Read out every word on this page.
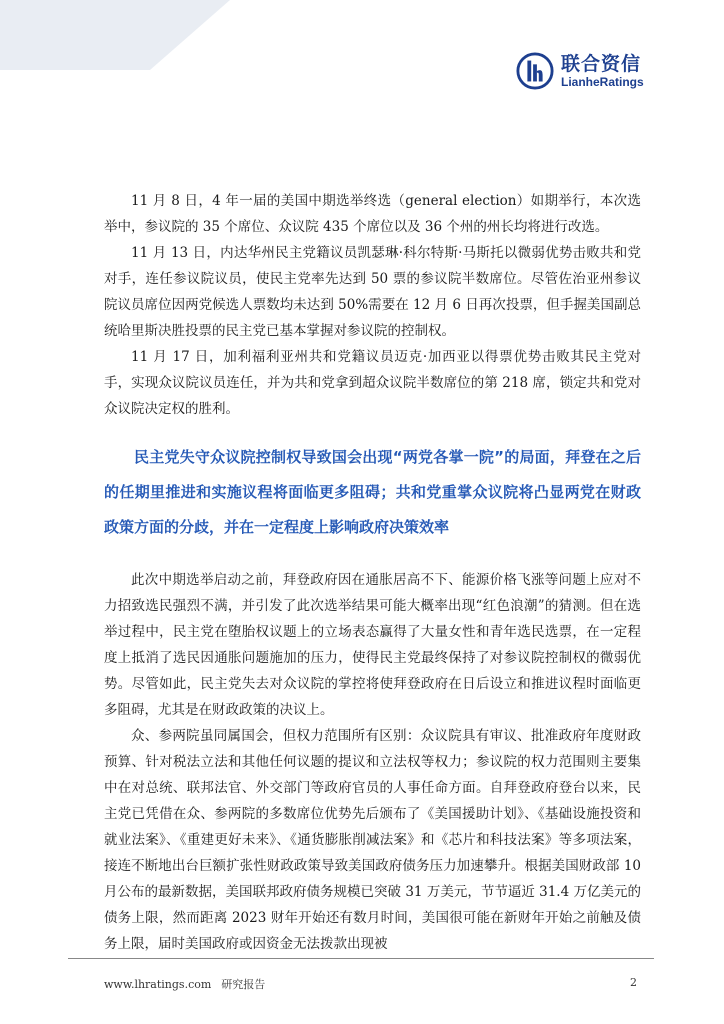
联合资信
LianheRatings

11 月 8 日，4 年一届的美国中期选举终选（general election）如期举行，本次选举中，参议院的 35 个席位、众议院 435 个席位以及 36 个州的州长均将进行改选。

11 月 13 日，内达华州民主党籍议员凯瑟琳·科尔特斯·马斯托以微弱优势击败共和党对手，连任参议院议员，使民主党率先达到 50 票的参议院半数席位。尽管佐治亚州参议院议员席位因两党候选人票数均未达到 50%需要在 12 月 6 日再次投票，但手握美国副总统哈里斯决胜投票的民主党已基本掌握对参议院的控制权。

11 月 17 日，加利福利亚州共和党籍议员迈克·加西亚以得票优势击败其民主党对手，实现众议院议员连任，并为共和党拿到超众议院半数席位的第 218 席，锁定共和党对众议院决定权的胜利。

民主党失守众议院控制权导致国会出现“两党各掌一院”的局面，拜登在之后的任期里推进和实施议程将面临更多阻碍；共和党重掌众议院将凸显两党在财政政策方面的分歧，并在一定程度上影响政府决策效率

此次中期选举启动之前，拜登政府因在通胀居高不下、能源价格飞涨等问题上应对不力招致选民强烈不满，并引发了此次选举结果可能大概率出现“红色浪潮”的猜测。但在选举过程中，民主党在堕胎权议题上的立场表态赢得了大量女性和青年选民选票，在一定程度上抵消了选民因通胀问题施加的压力，使得民主党最终保持了对参议院控制权的微弱优势。尽管如此，民主党失去对众议院的掌控将使拜登政府在日后设立和推进议程时面临更多阻碍，尤其是在财政政策的决议上。

众、参两院虽同属国会，但权力范围所有区别：众议院具有审议、批准政府年度财政预算、针对税法立法和其他任何议题的提议和立法权等权力；参议院的权力范围则主要集中在对总统、联邦法官、外交部门等政府官员的人事任命方面。自拜登政府登台以来，民主党已凭借在众、参两院的多数席位优势先后颁布了《美国援助计划》、《基础设施投资和就业法案》、《重建更好未来》、《通货膨胀削减法案》和《芯片和科技法案》等多项法案，接连不断地出台巨额扩张性财政政策导致美国政府债务压力加速攀升。根据美国财政部 10 月公布的最新数据，美国联邦政府债务规模已突破 31 万美元，节节逼近 31.4 万亿美元的债务上限，然而距离 2023 财年开始还有数月时间，美国很可能在新财年开始之前触及债务上限，届时美国政府或因资金无法拨款出现被

www.lhratings.com 研究报告	2
